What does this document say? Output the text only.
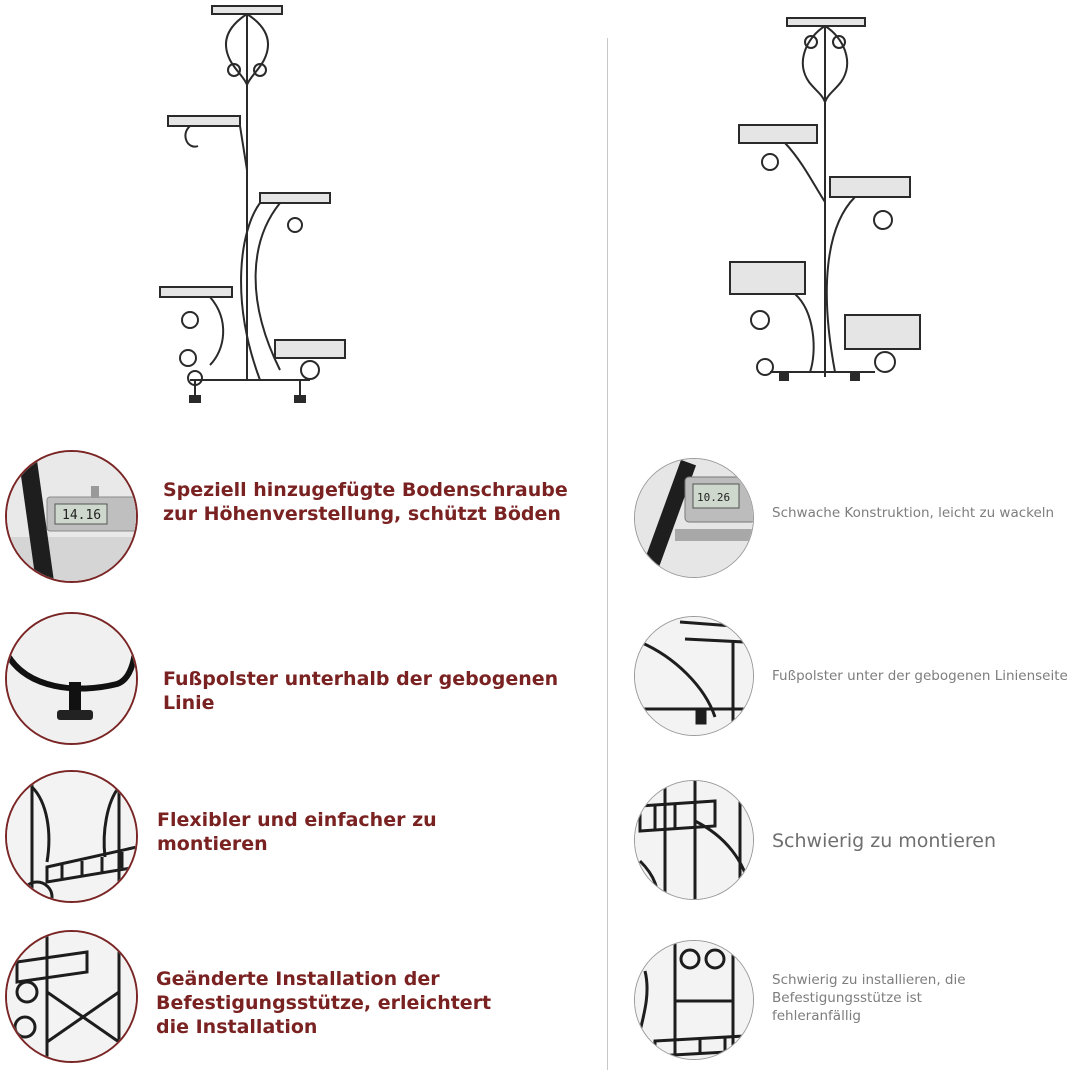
14.16
Speziell hinzugefügte Bodenschraube zur Höhenverstellung, schützt Böden
Fußpolster unterhalb der gebogenen Linie
Flexibler und einfacher zu montieren
Geänderte Installation der Befestigungsstütze, erleichtert die Installation
10.26
Schwache Konstruktion, leicht zu wackeln
Fußpolster unter der gebogenen Linienseite
Schwierig zu montieren
Schwierig zu installieren, die Befestigungsstütze ist fehleranfällig
